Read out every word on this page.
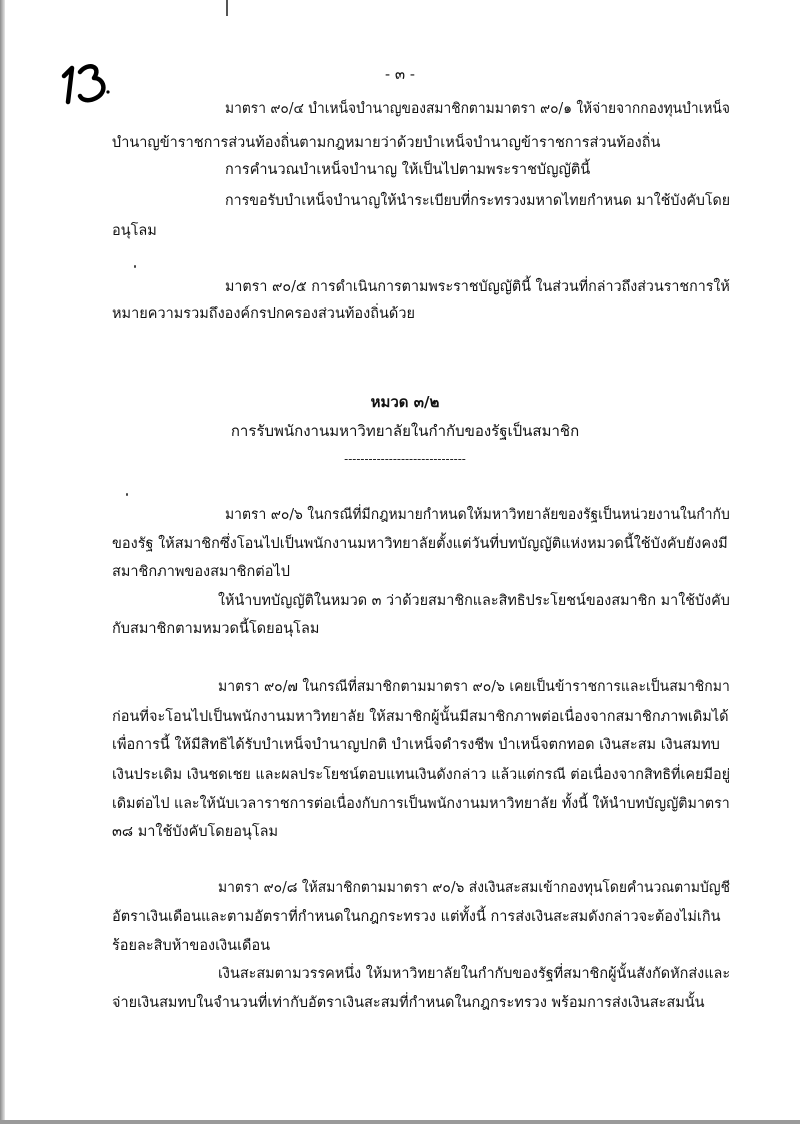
- ๓ -
มาตรา ๙๐/๔ บำเหน็จบำนาญของสมาชิกตามมาตรา ๙๐/๑ ให้จ่ายจากกองทุนบำเหน็จ
บำนาญข้าราชการส่วนท้องถิ่นตามกฎหมายว่าด้วยบำเหน็จบำนาญข้าราชการส่วนท้องถิ่น
การคำนวณบำเหน็จบำนาญ ให้เป็นไปตามพระราชบัญญัตินี้
การขอรับบำเหน็จบำนาญให้นำระเบียบที่กระทรวงมหาดไทยกำหนด มาใช้บังคับโดย
อนุโลม
มาตรา ๙๐/๕ การดำเนินการตามพระราชบัญญัตินี้ ในส่วนที่กล่าวถึงส่วนราชการให้
หมายความรวมถึงองค์กรปกครองส่วนท้องถิ่นด้วย
หมวด ๓/๒
การรับพนักงานมหาวิทยาลัยในกำกับของรัฐเป็นสมาชิก
------------------------------
มาตรา ๙๐/๖ ในกรณีที่มีกฎหมายกำหนดให้มหาวิทยาลัยของรัฐเป็นหน่วยงานในกำกับ
ของรัฐ ให้สมาชิกซึ่งโอนไปเป็นพนักงานมหาวิทยาลัยตั้งแต่วันที่บทบัญญัติแห่งหมวดนี้ใช้บังคับยังคงมี
สมาชิกภาพของสมาชิกต่อไป
ให้นำบทบัญญัติในหมวด ๓ ว่าด้วยสมาชิกและสิทธิประโยชน์ของสมาชิก มาใช้บังคับ
กับสมาชิกตามหมวดนี้โดยอนุโลม
มาตรา ๙๐/๗ ในกรณีที่สมาชิกตามมาตรา ๙๐/๖ เคยเป็นข้าราชการและเป็นสมาชิกมา
ก่อนที่จะโอนไปเป็นพนักงานมหาวิทยาลัย ให้สมาชิกผู้นั้นมีสมาชิกภาพต่อเนื่องจากสมาชิกภาพเดิมได้
เพื่อการนี้ ให้มีสิทธิได้รับบำเหน็จบำนาญปกติ บำเหน็จดำรงชีพ บำเหน็จตกทอด เงินสะสม เงินสมทบ
เงินประเดิม เงินชดเชย และผลประโยชน์ตอบแทนเงินดังกล่าว แล้วแต่กรณี ต่อเนื่องจากสิทธิที่เคยมีอยู่
เดิมต่อไป และให้นับเวลาราชการต่อเนื่องกับการเป็นพนักงานมหาวิทยาลัย ทั้งนี้ ให้นำบทบัญญัติมาตรา
๓๘ มาใช้บังคับโดยอนุโลม
มาตรา ๙๐/๘ ให้สมาชิกตามมาตรา ๙๐/๖ ส่งเงินสะสมเข้ากองทุนโดยคำนวณตามบัญชี
อัตราเงินเดือนและตามอัตราที่กำหนดในกฎกระทรวง แต่ทั้งนี้ การส่งเงินสะสมดังกล่าวจะต้องไม่เกิน
ร้อยละสิบห้าของเงินเดือน
เงินสะสมตามวรรคหนึ่ง ให้มหาวิทยาลัยในกำกับของรัฐที่สมาชิกผู้นั้นสังกัดหักส่งและ
จ่ายเงินสมทบในจำนวนที่เท่ากับอัตราเงินสะสมที่กำหนดในกฎกระทรวง พร้อมการส่งเงินสะสมนั้น
